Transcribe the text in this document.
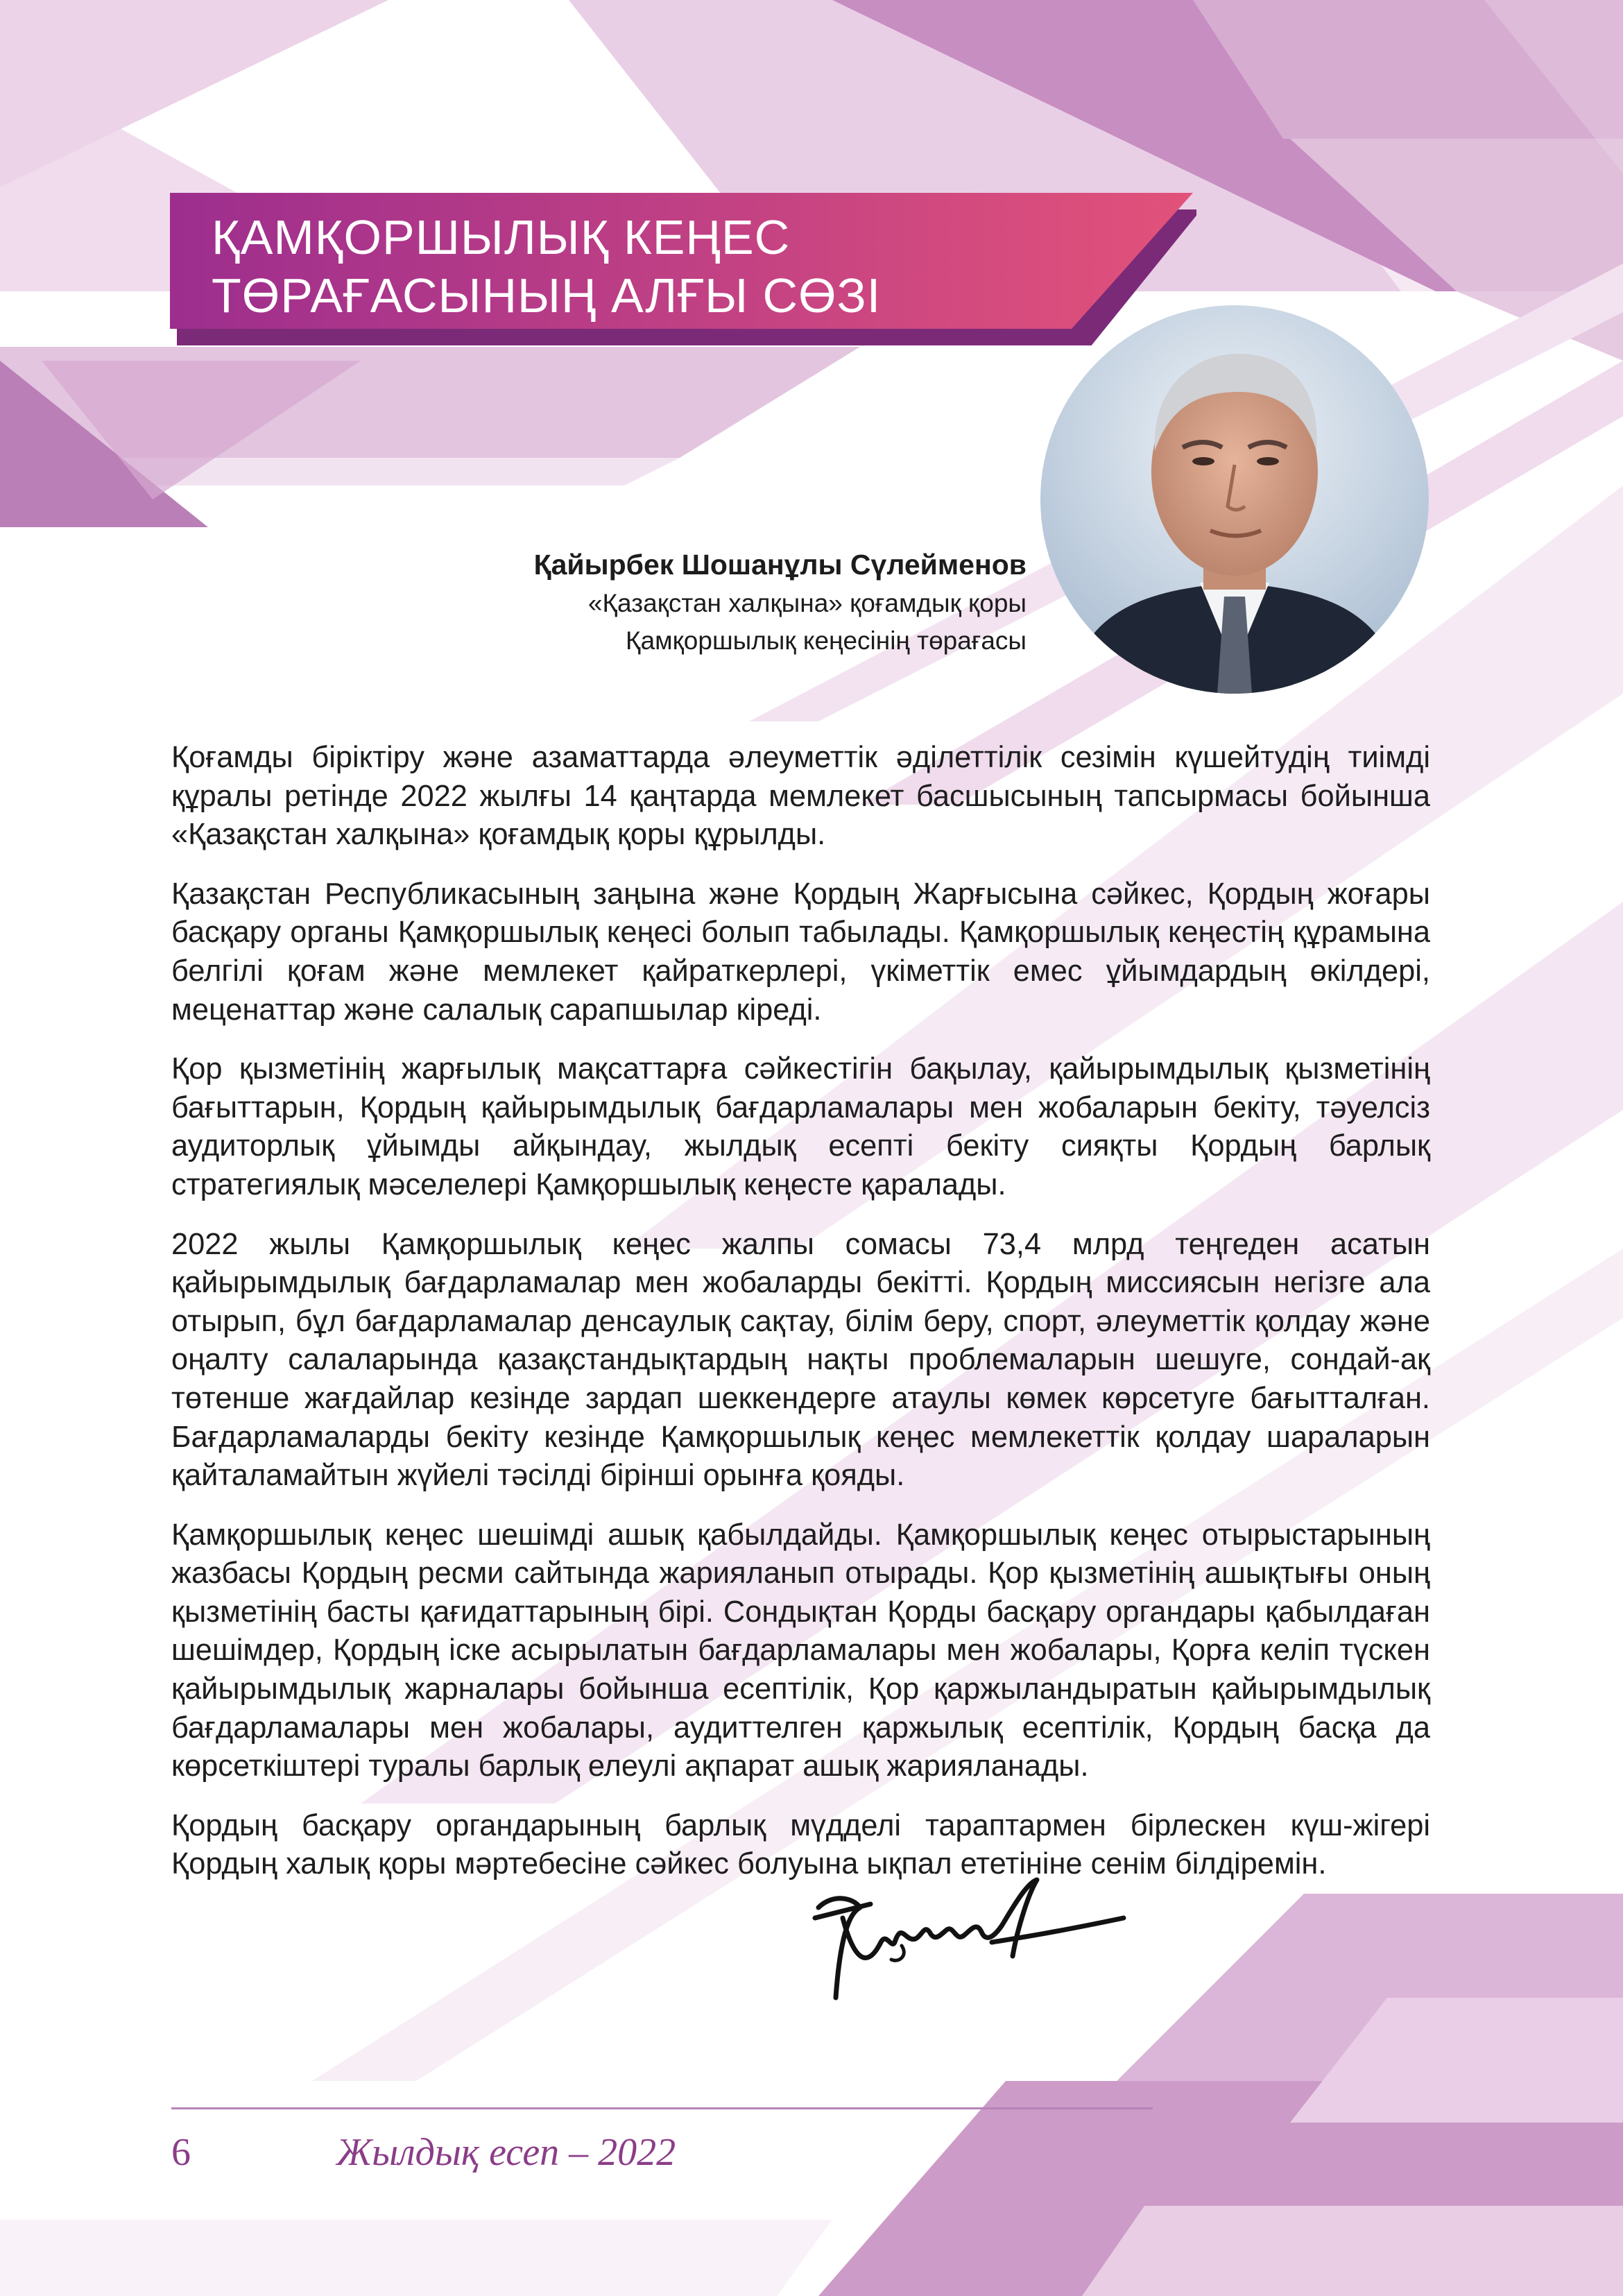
ҚАМҚОРШЫЛЫҚ КЕҢЕС
ТӨРАҒАСЫНЫҢ АЛҒЫ СӨЗІ
Қайырбек Шошанұлы Сүлейменов
«Қазақстан халқына» қоғамдық қоры
Қамқоршылық кеңесінің төрағасы

Қоғамды біріктіру және азаматтарда әлеуметтік әділеттілік сезімін күшейтудің тиімді құралы ретінде 2022 жылғы 14 қаңтарда мемлекет басшысының тапсырмасы бойынша «Қазақстан халқына» қоғамдық қоры құрылды.

Қазақстан Республикасының заңына және Қордың Жарғысына сәйкес, Қордың жоғары басқару органы Қамқоршылық кеңесі болып табылады. Қамқоршылық кеңестің құрамына белгілі қоғам және мемлекет қайраткерлері, үкіметтік емес ұйымдардың өкілдері, меценаттар және салалық сарапшылар кіреді.

Қор қызметінің жарғылық мақсаттарға сәйкестігін бақылау, қайырымдылық қызметінің бағыттарын, Қордың қайырымдылық бағдарламалары мен жобаларын бекіту, тәуелсіз аудиторлық ұйымды айқындау, жылдық есепті бекіту сияқты Қордың барлық стратегиялық мәселелері Қамқоршылық кеңесте қаралады.

2022 жылы Қамқоршылық кеңес жалпы сомасы 73,4 млрд теңгеден асатын қайырымдылық бағдарламалар мен жобаларды бекітті. Қордың миссиясын негізге ала отырып, бұл бағдарламалар денсаулық сақтау, білім беру, спорт, әлеуметтік қолдау және оңалту салаларында қазақстандықтардың нақты проблемаларын шешуге, сондай-ақ төтенше жағдайлар кезінде зардап шеккендерге атаулы көмек көрсетуге бағытталған. Бағдарламаларды бекіту кезінде Қамқоршылық кеңес мемлекеттік қолдау шараларын қайталамайтын жүйелі тәсілді бірінші орынға қояды.

Қамқоршылық кеңес шешімді ашық қабылдайды. Қамқоршылық кеңес отырыстарының жазбасы Қордың ресми сайтында жарияланып отырады. Қор қызметінің ашықтығы оның қызметінің басты қағидаттарының бірі. Сондықтан Қорды басқару органдары қабылдаған шешімдер, Қордың іске асырылатын бағдарламалары мен жобалары, Қорға келіп түскен қайырымдылық жарналары бойынша есептілік, Қор қаржыландыратын қайырымдылық бағдарламалары мен жобалары, аудиттелген қаржылық есептілік, Қордың басқа да көрсеткіштері туралы барлық елеулі ақпарат ашық жарияланады.

Қордың басқару органдарының барлық мүдделі тараптармен бірлескен күш-жігері Қордың халық қоры мәртебесіне сәйкес болуына ықпал ететініне сенім білдіремін.

6	Жылдық есеп – 2022
